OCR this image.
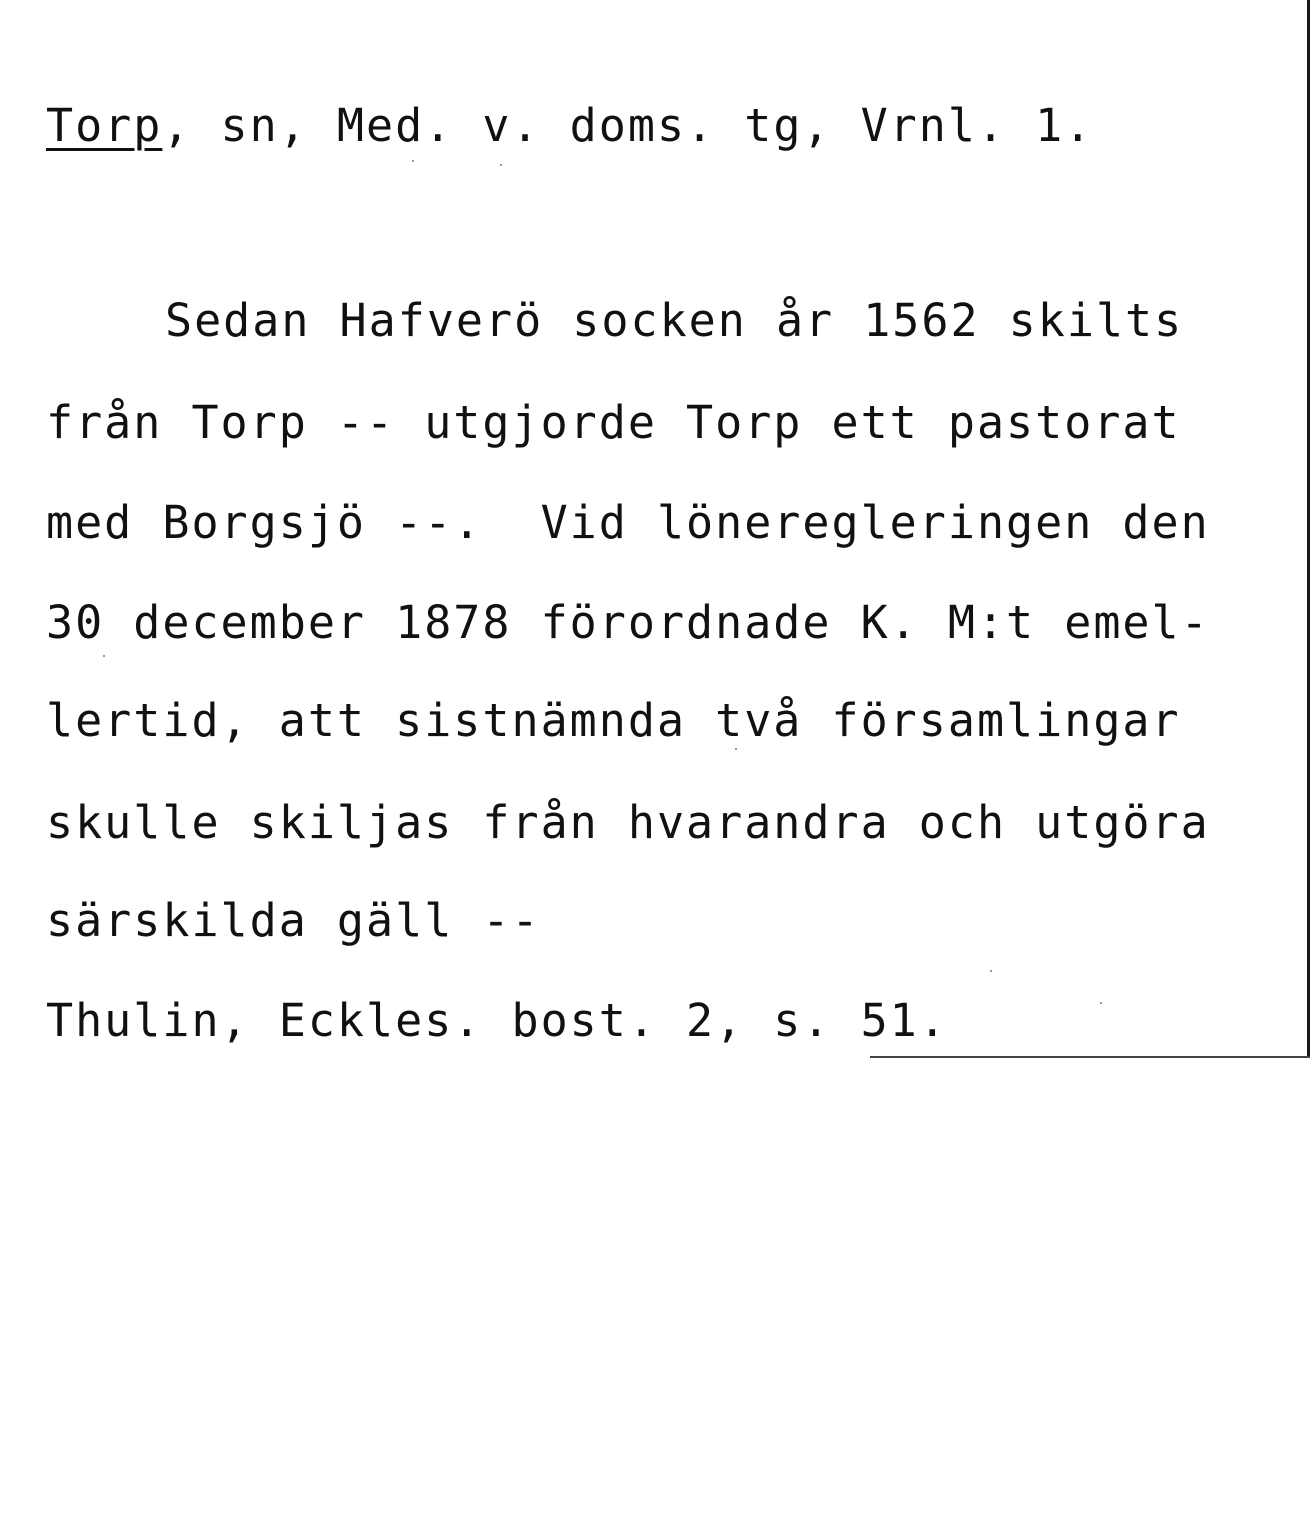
Torp, sn, Med. v. doms. tg, Vrnl. 1.

Sedan Hafverö socken år 1562 skilts

från Torp -- utgjorde Torp ett pastorat

med Borgsjö --.  Vid löneregleringen den

30 december 1878 förordnade K. M:t emel-

lertid, att sistnämnda två församlingar

skulle skiljas från hvarandra och utgöra

särskilda gäll --

Thulin, Eckles. bost. 2, s. 51.
